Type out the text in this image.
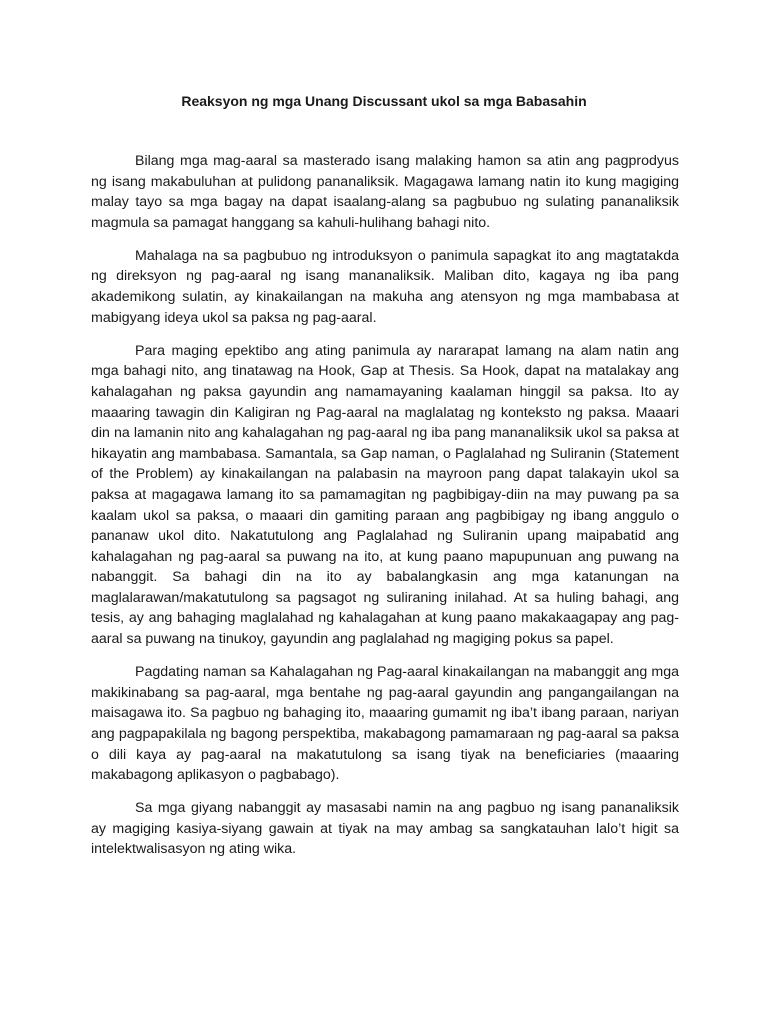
Reaksyon ng mga Unang Discussant ukol sa mga Babasahin

Bilang mga mag-aaral sa masterado isang malaking hamon sa atin ang pagprodyus ng isang makabuluhan at pulidong pananaliksik. Magagawa lamang natin ito kung magiging malay tayo sa mga bagay na dapat isaalang-alang sa pagbubuo ng sulating pananaliksik magmula sa pamagat hanggang sa kahuli-hulihang bahagi nito.

Mahalaga na sa pagbubuo ng introduksyon o panimula sapagkat ito ang magtatakda ng direksyon ng pag-aaral ng isang mananaliksik. Maliban dito, kagaya ng iba pang akademikong sulatin, ay kinakailangan na makuha ang atensyon ng mga mambabasa at mabigyang ideya ukol sa paksa ng pag-aaral.

Para maging epektibo ang ating panimula ay nararapat lamang na alam natin ang mga bahagi nito, ang tinatawag na Hook, Gap at Thesis. Sa Hook, dapat na matalakay ang kahalagahan ng paksa gayundin ang namamayaning kaalaman hinggil sa paksa. Ito ay maaaring tawagin din Kaligiran ng Pag-aaral na maglalatag ng konteksto ng paksa. Maaari din na lamanin nito ang kahalagahan ng pag-aaral ng iba pang mananaliksik ukol sa paksa at hikayatin ang mambabasa. Samantala, sa Gap naman, o Paglalahad ng Suliranin (Statement of the Problem) ay kinakailangan na palabasin na mayroon pang dapat talakayin ukol sa paksa at magagawa lamang ito sa pamamagitan ng pagbibigay-diin na may puwang pa sa kaalam ukol sa paksa, o maaari din gamiting paraan ang pagbibigay ng ibang anggulo o pananaw ukol dito. Nakatutulong ang Paglalahad ng Suliranin upang maipabatid ang kahalagahan ng pag-aaral sa puwang na ito, at kung paano mapupunuan ang puwang na nabanggit. Sa bahagi din na ito ay babalangkasin ang mga katanungan na maglalarawan/makatutulong sa pagsagot ng suliraning inilahad. At sa huling bahagi, ang tesis, ay ang bahaging maglalahad ng kahalagahan at kung paano makakaagapay ang pag-aaral sa puwang na tinukoy, gayundin ang paglalahad ng magiging pokus sa papel.

Pagdating naman sa Kahalagahan ng Pag-aaral kinakailangan na mabanggit ang mga makikinabang sa pag-aaral, mga bentahe ng pag-aaral gayundin ang pangangailangan na maisagawa ito. Sa pagbuo ng bahaging ito, maaaring gumamit ng iba’t ibang paraan, nariyan ang pagpapakilala ng bagong perspektiba, makabagong pamamaraan ng pag-aaral sa paksa o dili kaya ay pag-aaral na makatutulong sa isang tiyak na beneficiaries (maaaring makabagong aplikasyon o pagbabago).

Sa mga giyang nabanggit ay masasabi namin na ang pagbuo ng isang pananaliksik ay magiging kasiya-siyang gawain at tiyak na may ambag sa sangkatauhan lalo’t higit sa intelektwalisasyon ng ating wika.
